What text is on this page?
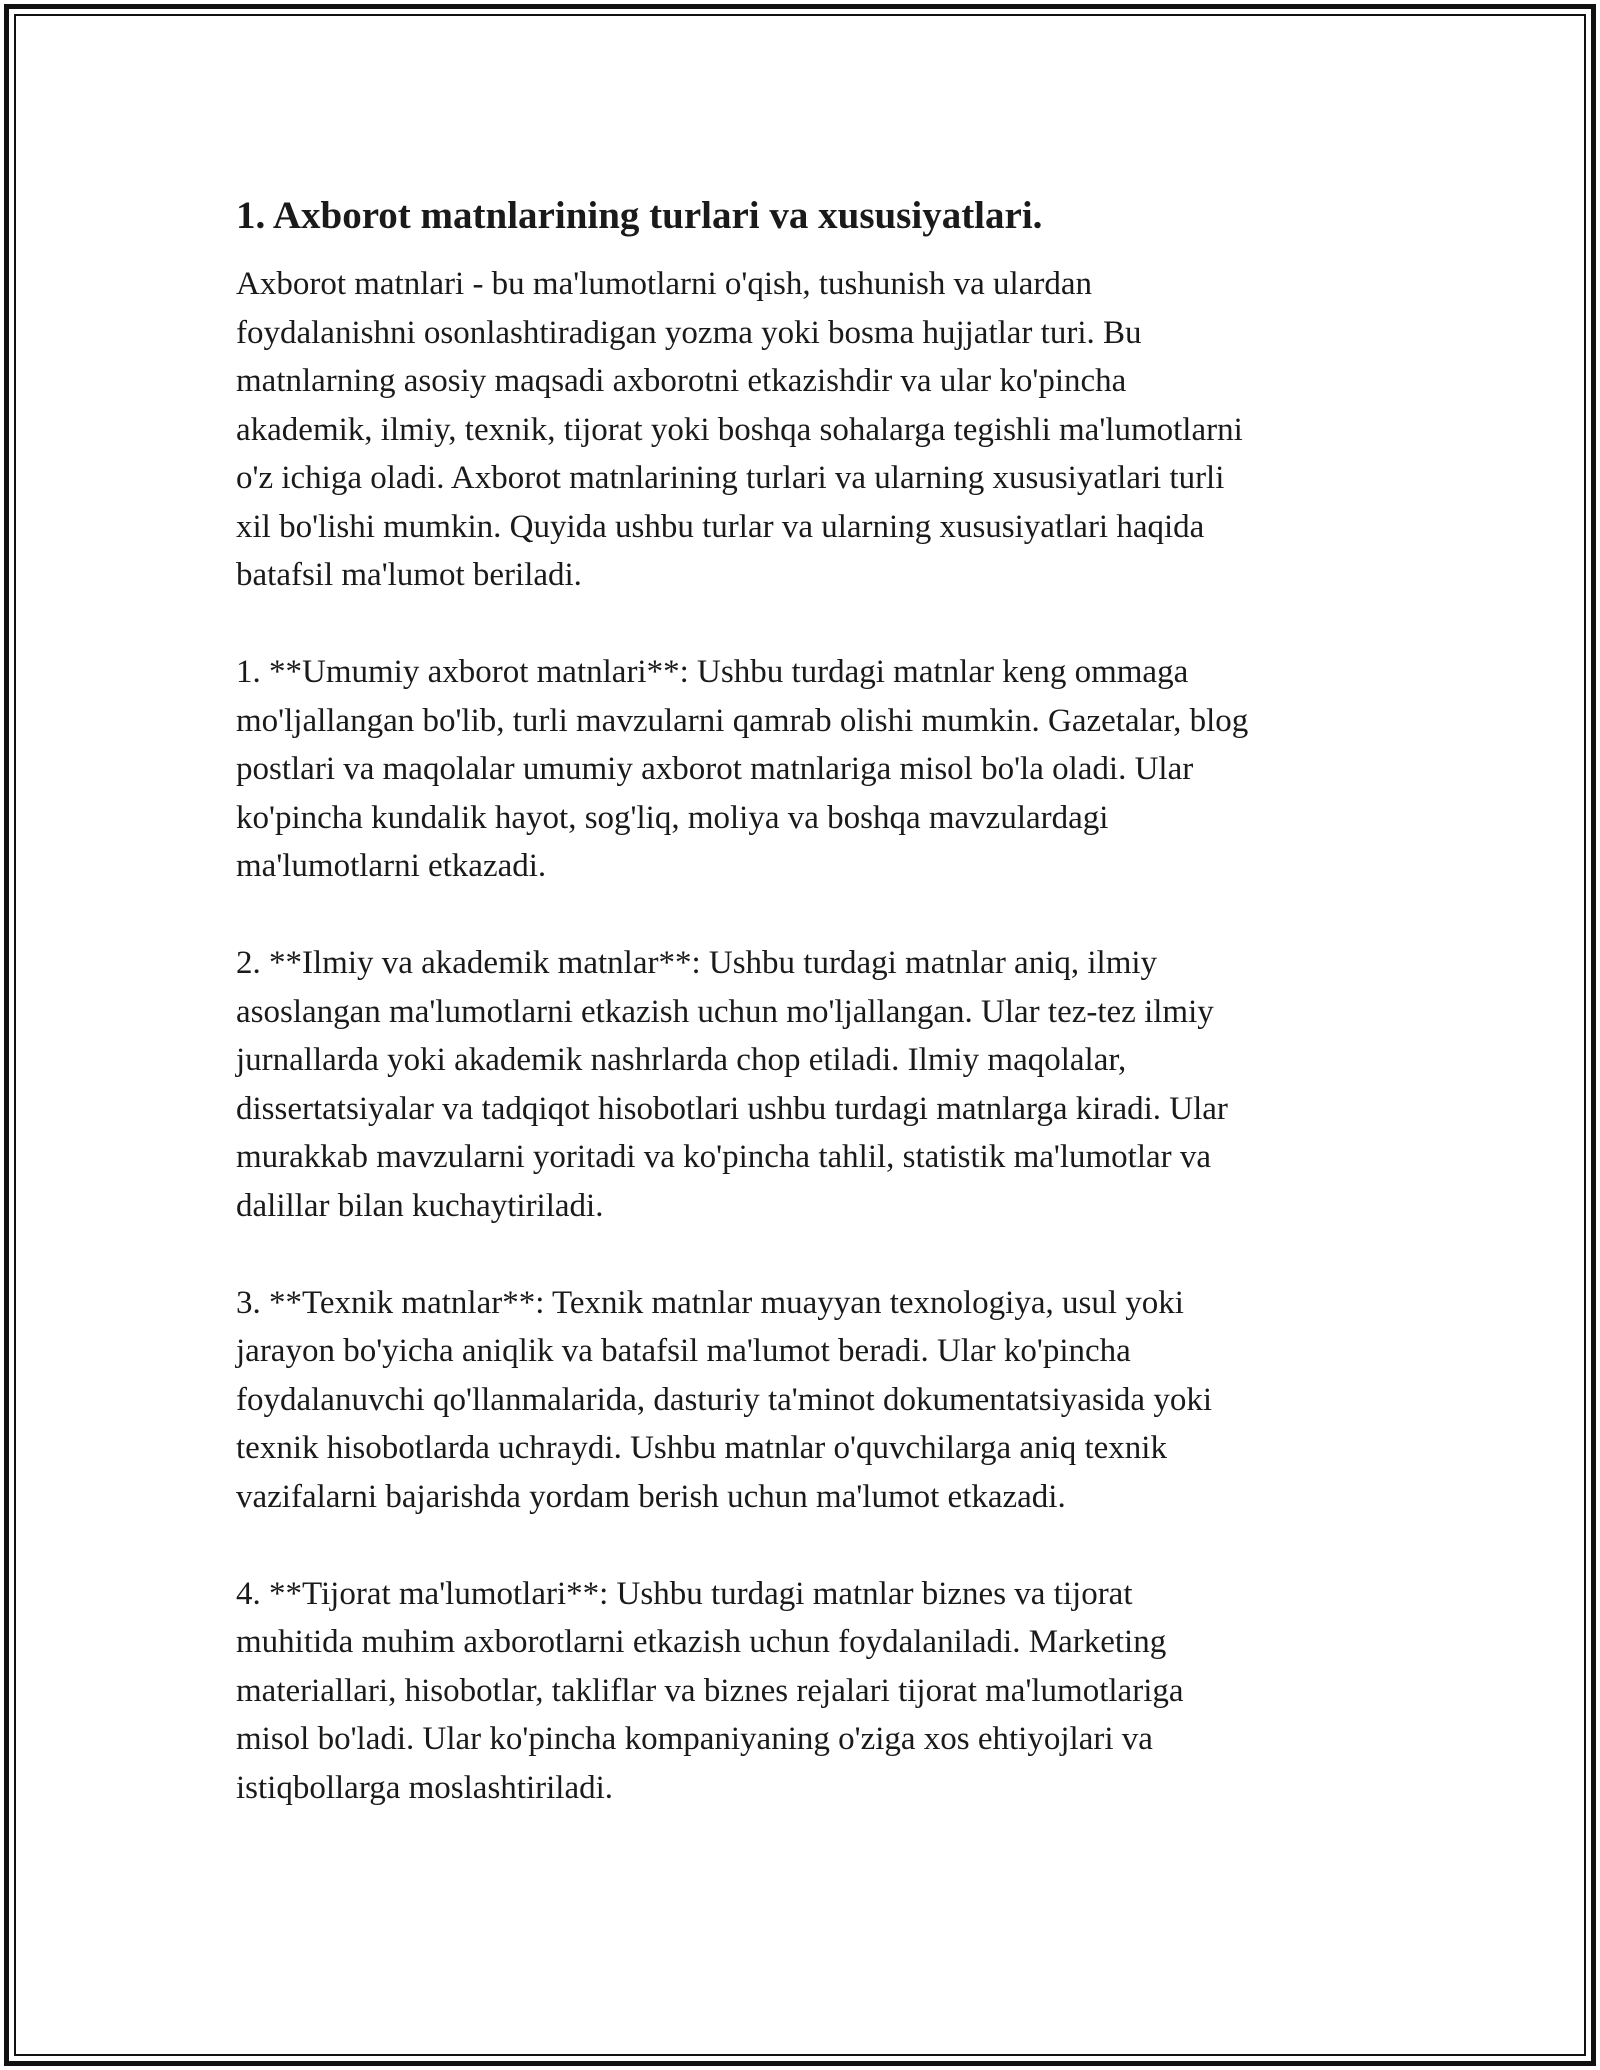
1. Axborot matnlarining turlari va xususiyatlari.

Axborot matnlari - bu ma'lumotlarni o'qish, tushunish va ulardan
foydalanishni osonlashtiradigan yozma yoki bosma hujjatlar turi. Bu
matnlarning asosiy maqsadi axborotni etkazishdir va ular ko'pincha
akademik, ilmiy, texnik, tijorat yoki boshqa sohalarga tegishli ma'lumotlarni
o'z ichiga oladi. Axborot matnlarining turlari va ularning xususiyatlari turli
xil bo'lishi mumkin. Quyida ushbu turlar va ularning xususiyatlari haqida
batafsil ma'lumot beriladi.

1. **Umumiy axborot matnlari**: Ushbu turdagi matnlar keng ommaga
mo'ljallangan bo'lib, turli mavzularni qamrab olishi mumkin. Gazetalar, blog
postlari va maqolalar umumiy axborot matnlariga misol bo'la oladi. Ular
ko'pincha kundalik hayot, sog'liq, moliya va boshqa mavzulardagi
ma'lumotlarni etkazadi.

2. **Ilmiy va akademik matnlar**: Ushbu turdagi matnlar aniq, ilmiy
asoslangan ma'lumotlarni etkazish uchun mo'ljallangan. Ular tez-tez ilmiy
jurnallarda yoki akademik nashrlarda chop etiladi. Ilmiy maqolalar,
dissertatsiyalar va tadqiqot hisobotlari ushbu turdagi matnlarga kiradi. Ular
murakkab mavzularni yoritadi va ko'pincha tahlil, statistik ma'lumotlar va
dalillar bilan kuchaytiriladi.

3. **Texnik matnlar**: Texnik matnlar muayyan texnologiya, usul yoki
jarayon bo'yicha aniqlik va batafsil ma'lumot beradi. Ular ko'pincha
foydalanuvchi qo'llanmalarida, dasturiy ta'minot dokumentatsiyasida yoki
texnik hisobotlarda uchraydi. Ushbu matnlar o'quvchilarga aniq texnik
vazifalarni bajarishda yordam berish uchun ma'lumot etkazadi.

4. **Tijorat ma'lumotlari**: Ushbu turdagi matnlar biznes va tijorat
muhitida muhim axborotlarni etkazish uchun foydalaniladi. Marketing
materiallari, hisobotlar, takliflar va biznes rejalari tijorat ma'lumotlariga
misol bo'ladi. Ular ko'pincha kompaniyaning o'ziga xos ehtiyojlari va
istiqbollarga moslashtiriladi.
